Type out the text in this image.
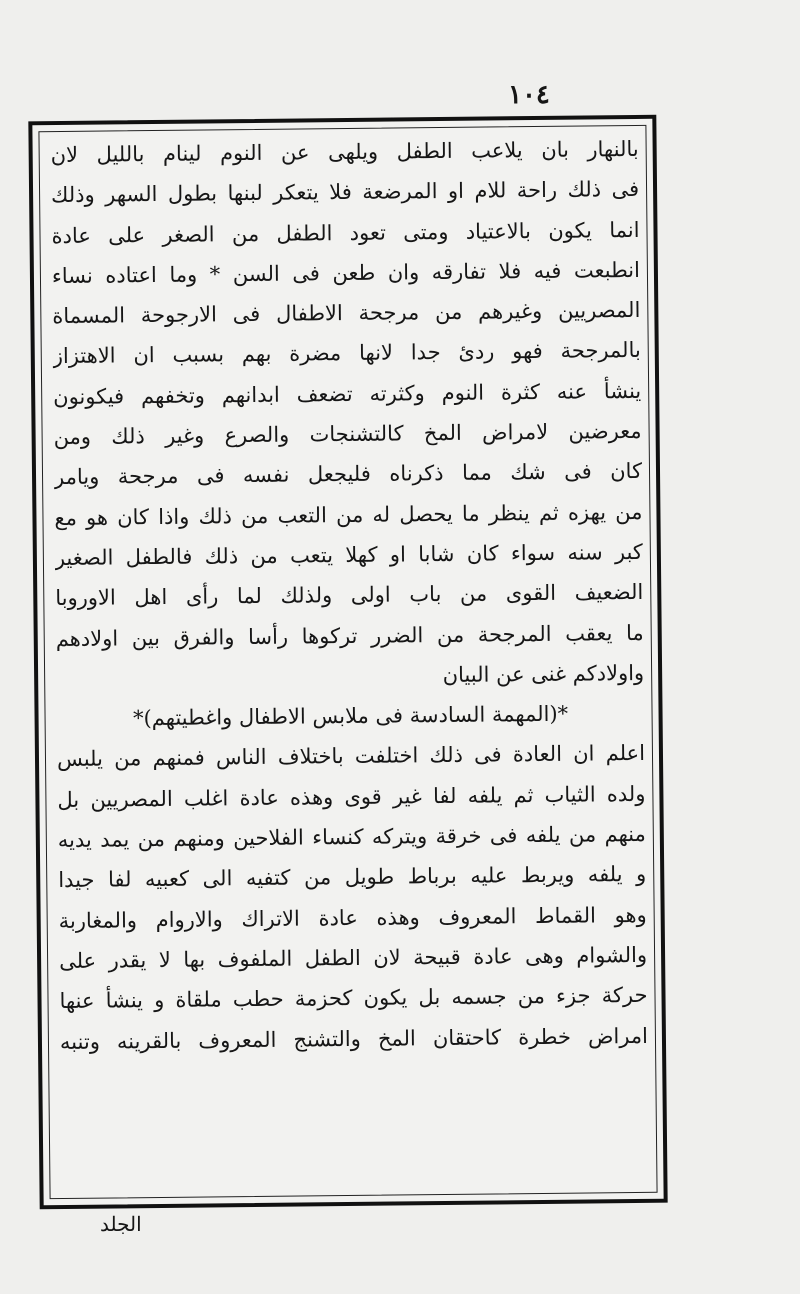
١٠٤
بالنهار بان يلاعب الطفل ويلهى عن النوم لينام بالليل لان
فى ذلك راحة للام او المرضعة فلا يتعكر لبنها بطول السهر وذلك
انما يكون بالاعتياد ومتى تعود الطفل من الصغر على عادة
انطبعت فيه فلا تفارقه وان طعن فى السن * وما اعتاده نساء
المصريين وغيرهم من مرجحة الاطفال فى الارجوحة المسماة
بالمرجحة فهو ردئ جدا لانها مضرة بهم بسبب ان الاهتزاز
ينشأ عنه كثرة النوم وكثرته تضعف ابدانهم وتخفهم فيكونون
معرضين لامراض المخ كالتشنجات والصرع وغير ذلك ومن
كان فى شك مما ذكرناه فليجعل نفسه فى مرجحة ويامر
من يهزه ثم ينظر ما يحصل له من التعب من ذلك واذا كان هو مع
كبر سنه سواء كان شابا او كهلا يتعب من ذلك فالطفل الصغير
الضعيف القوى من باب اولى ولذلك لما رأى اهل الاوروبا
ما يعقب المرجحة من الضرر تركوها رأسا والفرق بين اولادهم
واولادكم غنى عن البيان
*(المهمة السادسة فى ملابس الاطفال واغطيتهم)*
اعلم ان العادة فى ذلك اختلفت باختلاف الناس فمنهم من يلبس
ولده الثياب ثم يلفه لفا غير قوى وهذه عادة اغلب المصريين بل
منهم من يلفه فى خرقة ويتركه كنساء الفلاحين ومنهم من يمد يديه
و يلفه ويربط عليه برباط طويل من كتفيه الى كعبيه لفا جيدا
وهو القماط المعروف وهذه عادة الاتراك والاروام والمغاربة
والشوام وهى عادة قبيحة لان الطفل الملفوف بها لا يقدر على
حركة جزء من جسمه بل يكون كحزمة حطب ملقاة و ينشأ عنها
امراض خطرة كاحتقان المخ والتشنج المعروف بالقرينه وتنبه
الجلد
